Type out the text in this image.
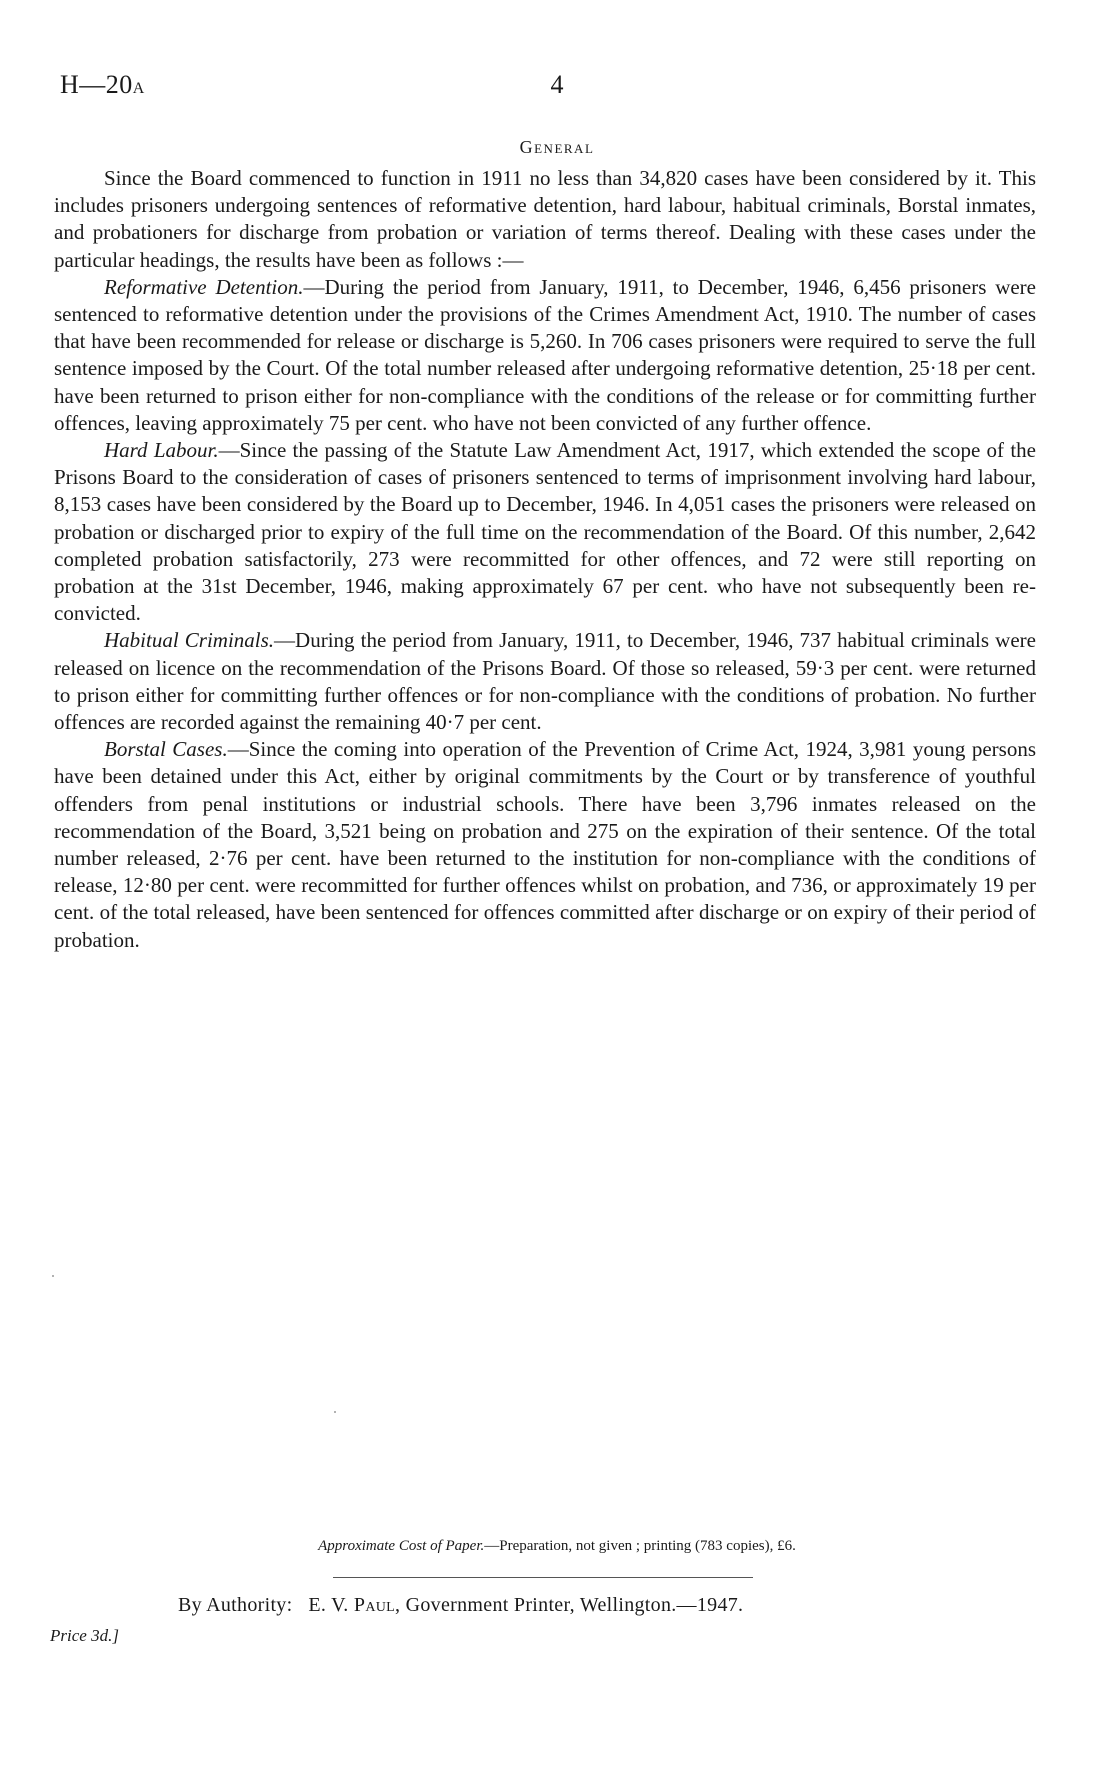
H—20A	4
General

Since the Board commenced to function in 1911 no less than 34,820 cases have been considered by it. This includes prisoners undergoing sentences of reformative detention, hard labour, habitual criminals, Borstal inmates, and probationers for discharge from probation or variation of terms thereof. Dealing with these cases under the particular headings, the results have been as follows :—

Reformative Detention.—During the period from January, 1911, to December, 1946, 6,456 prisoners were sentenced to reformative detention under the provisions of the Crimes Amendment Act, 1910. The number of cases that have been recommended for release or discharge is 5,260. In 706 cases prisoners were required to serve the full sentence imposed by the Court. Of the total number released after undergoing reformative detention, 25·18 per cent. have been returned to prison either for non-compliance with the conditions of the release or for committing further offences, leaving approximately 75 per cent. who have not been convicted of any further offence.

Hard Labour.—Since the passing of the Statute Law Amendment Act, 1917, which extended the scope of the Prisons Board to the consideration of cases of prisoners sentenced to terms of imprisonment involving hard labour, 8,153 cases have been considered by the Board up to December, 1946. In 4,051 cases the prisoners were released on probation or discharged prior to expiry of the full time on the recommendation of the Board. Of this number, 2,642 completed probation satisfactorily, 273 were recommitted for other offences, and 72 were still reporting on probation at the 31st December, 1946, making approximately 67 per cent. who have not subsequently been re-convicted.

Habitual Criminals.—During the period from January, 1911, to December, 1946, 737 habitual criminals were released on licence on the recommendation of the Prisons Board. Of those so released, 59·3 per cent. were returned to prison either for committing further offences or for non-compliance with the conditions of probation. No further offences are recorded against the remaining 40·7 per cent.

Borstal Cases.—Since the coming into operation of the Prevention of Crime Act, 1924, 3,981 young persons have been detained under this Act, either by original commitments by the Court or by transference of youthful offenders from penal institutions or industrial schools. There have been 3,796 inmates released on the recommendation of the Board, 3,521 being on probation and 275 on the expiration of their sentence. Of the total number released, 2·76 per cent. have been returned to the institution for non-compliance with the conditions of release, 12·80 per cent. were recommitted for further offences whilst on probation, and 736, or approximately 19 per cent. of the total released, have been sentenced for offences committed after discharge or on expiry of their period of probation.

Approximate Cost of Paper.—Preparation, not given ; printing (783 copies), £6.
By Authority: E. V. Paul, Government Printer, Wellington.—1947.
Price 3d.]
